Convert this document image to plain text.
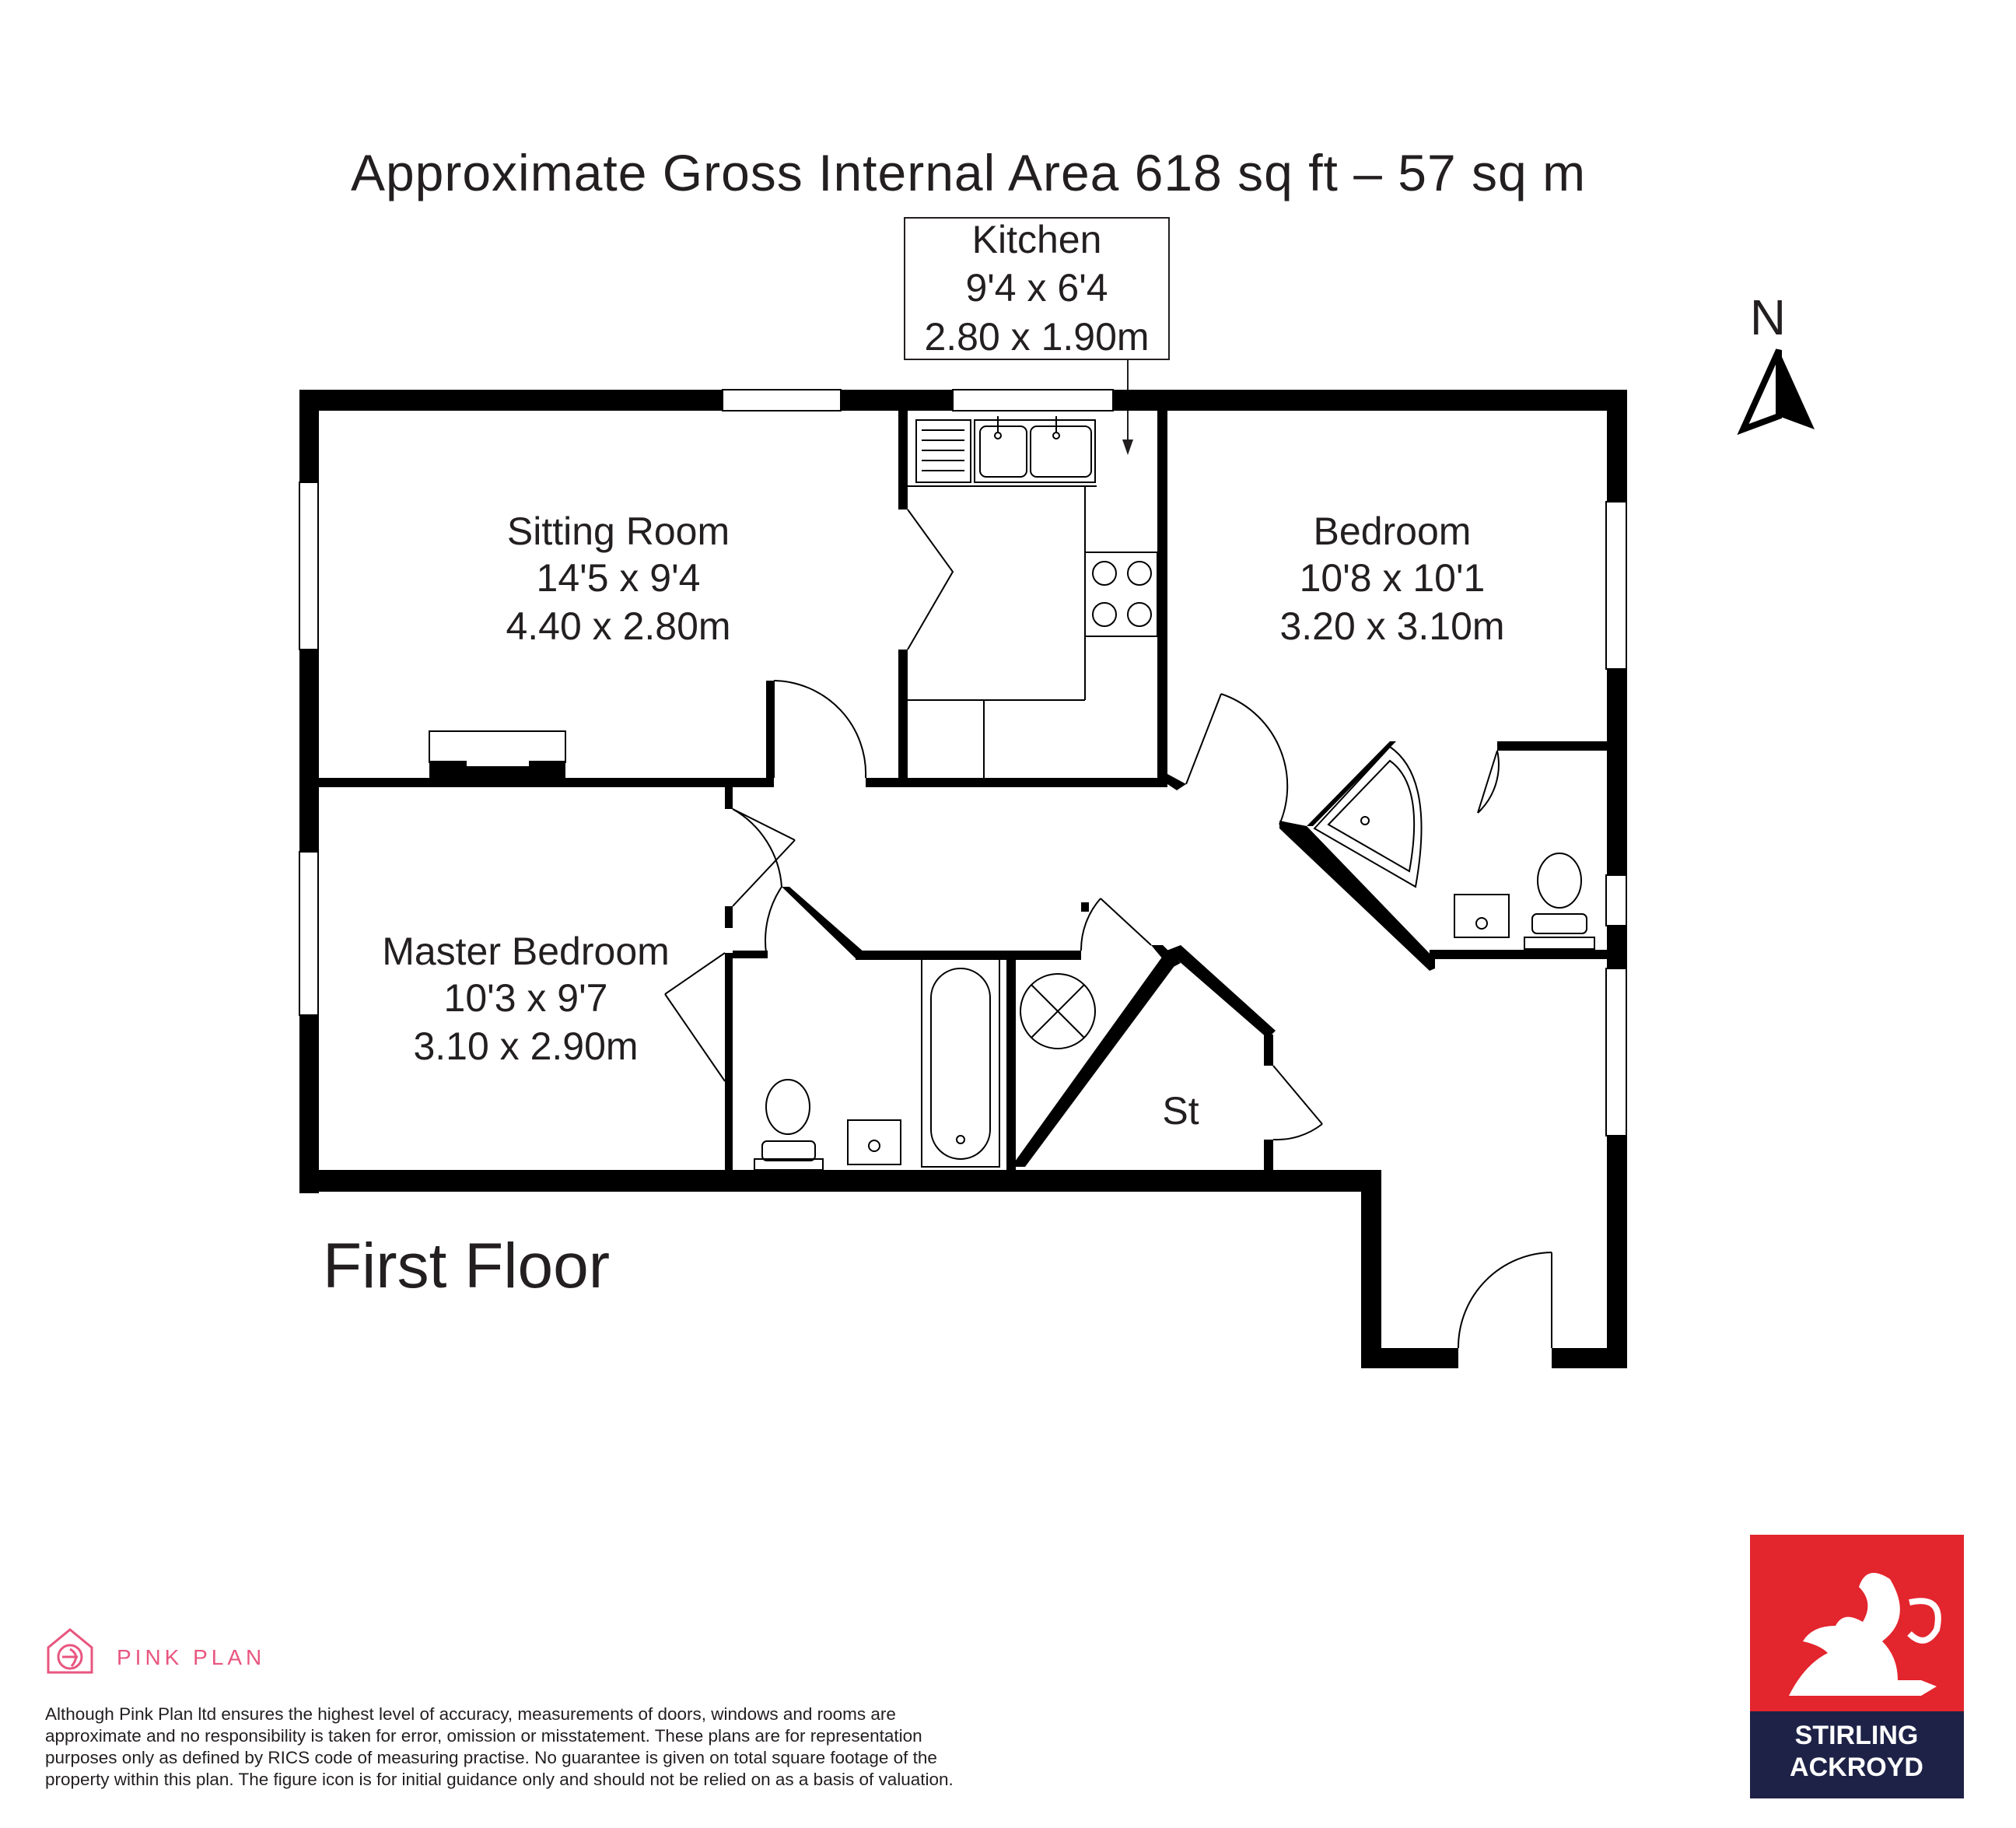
Approximate Gross Internal Area 618 sq ft – 57 sq m
Kitchen
9'4 x 6'4
2.80 x 1.90m	N
Sitting Room
14'5 x 9'4
4.40 x 2.80m
Bedroom
10'8 x 10'1
3.20 x 3.10m
Master Bedroom
10'3 x 9'7
3.10 x 2.90m
St
First Floor
PINK PLAN
STIRLING
ACKROYD
Although Pink Plan ltd ensures the highest level of accuracy, measurements of doors, windows and rooms are
approximate and no responsibility is taken for error, omission or misstatement. These plans are for representation
purposes only as defined by RICS code of measuring practise. No guarantee is given on total square footage of the
property within this plan. The figure icon is for initial guidance only and should not be relied on as a basis of valuation.
